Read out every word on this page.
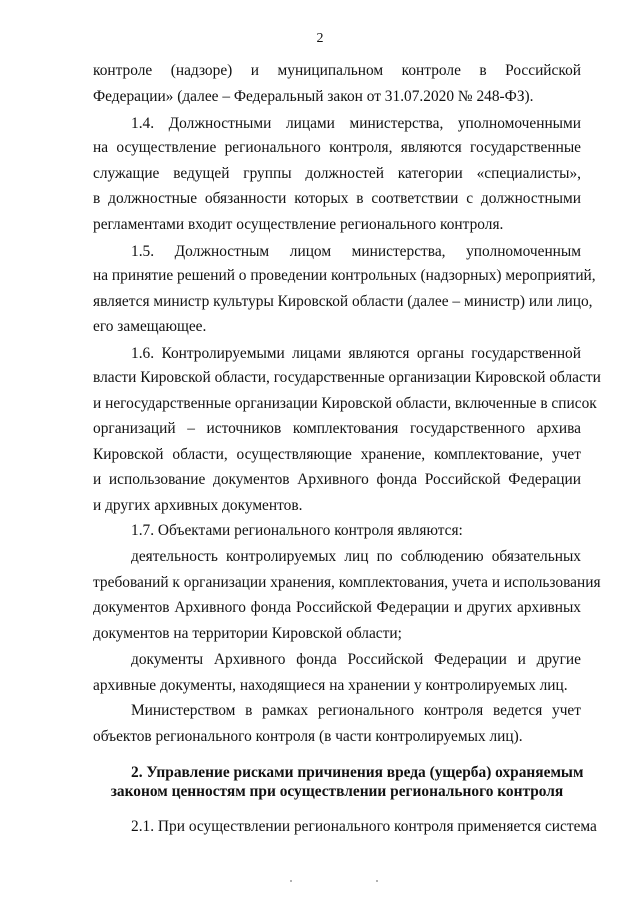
2
контроле (надзоре) и муниципальном контроле в Российской
Федерации» (далее – Федеральный закон от 31.07.2020 № 248-ФЗ).
1.4. Должностными лицами министерства, уполномоченными
на осуществление регионального контроля, являются государственные
служащие ведущей группы должностей категории «специалисты»,
в должностные обязанности которых в соответствии с должностными
регламентами входит осуществление регионального контроля.
1.5. Должностным лицом министерства, уполномоченным
на принятие решений о проведении контрольных (надзорных) мероприятий,
является министр культуры Кировской области (далее – министр) или лицо,
его замещающее.
1.6. Контролируемыми лицами являются органы государственной
власти Кировской области, государственные организации Кировской области
и негосударственные организации Кировской области, включенные в список
организаций – источников комплектования государственного архива
Кировской области, осуществляющие хранение, комплектование, учет
и использование документов Архивного фонда Российской Федерации
и других архивных документов.
1.7. Объектами регионального контроля являются:
деятельность контролируемых лиц по соблюдению обязательных
требований к организации хранения, комплектования, учета и использования
документов Архивного фонда Российской Федерации и других архивных
документов на территории Кировской области;
документы Архивного фонда Российской Федерации и другие
архивные документы, находящиеся на хранении у контролируемых лиц.
Министерством в рамках регионального контроля ведется учет
объектов регионального контроля (в части контролируемых лиц).
2. Управление рисками причинения вреда (ущерба) охраняемым
законом ценностям при осуществлении регионального контроля
2.1. При осуществлении регионального контроля применяется система
